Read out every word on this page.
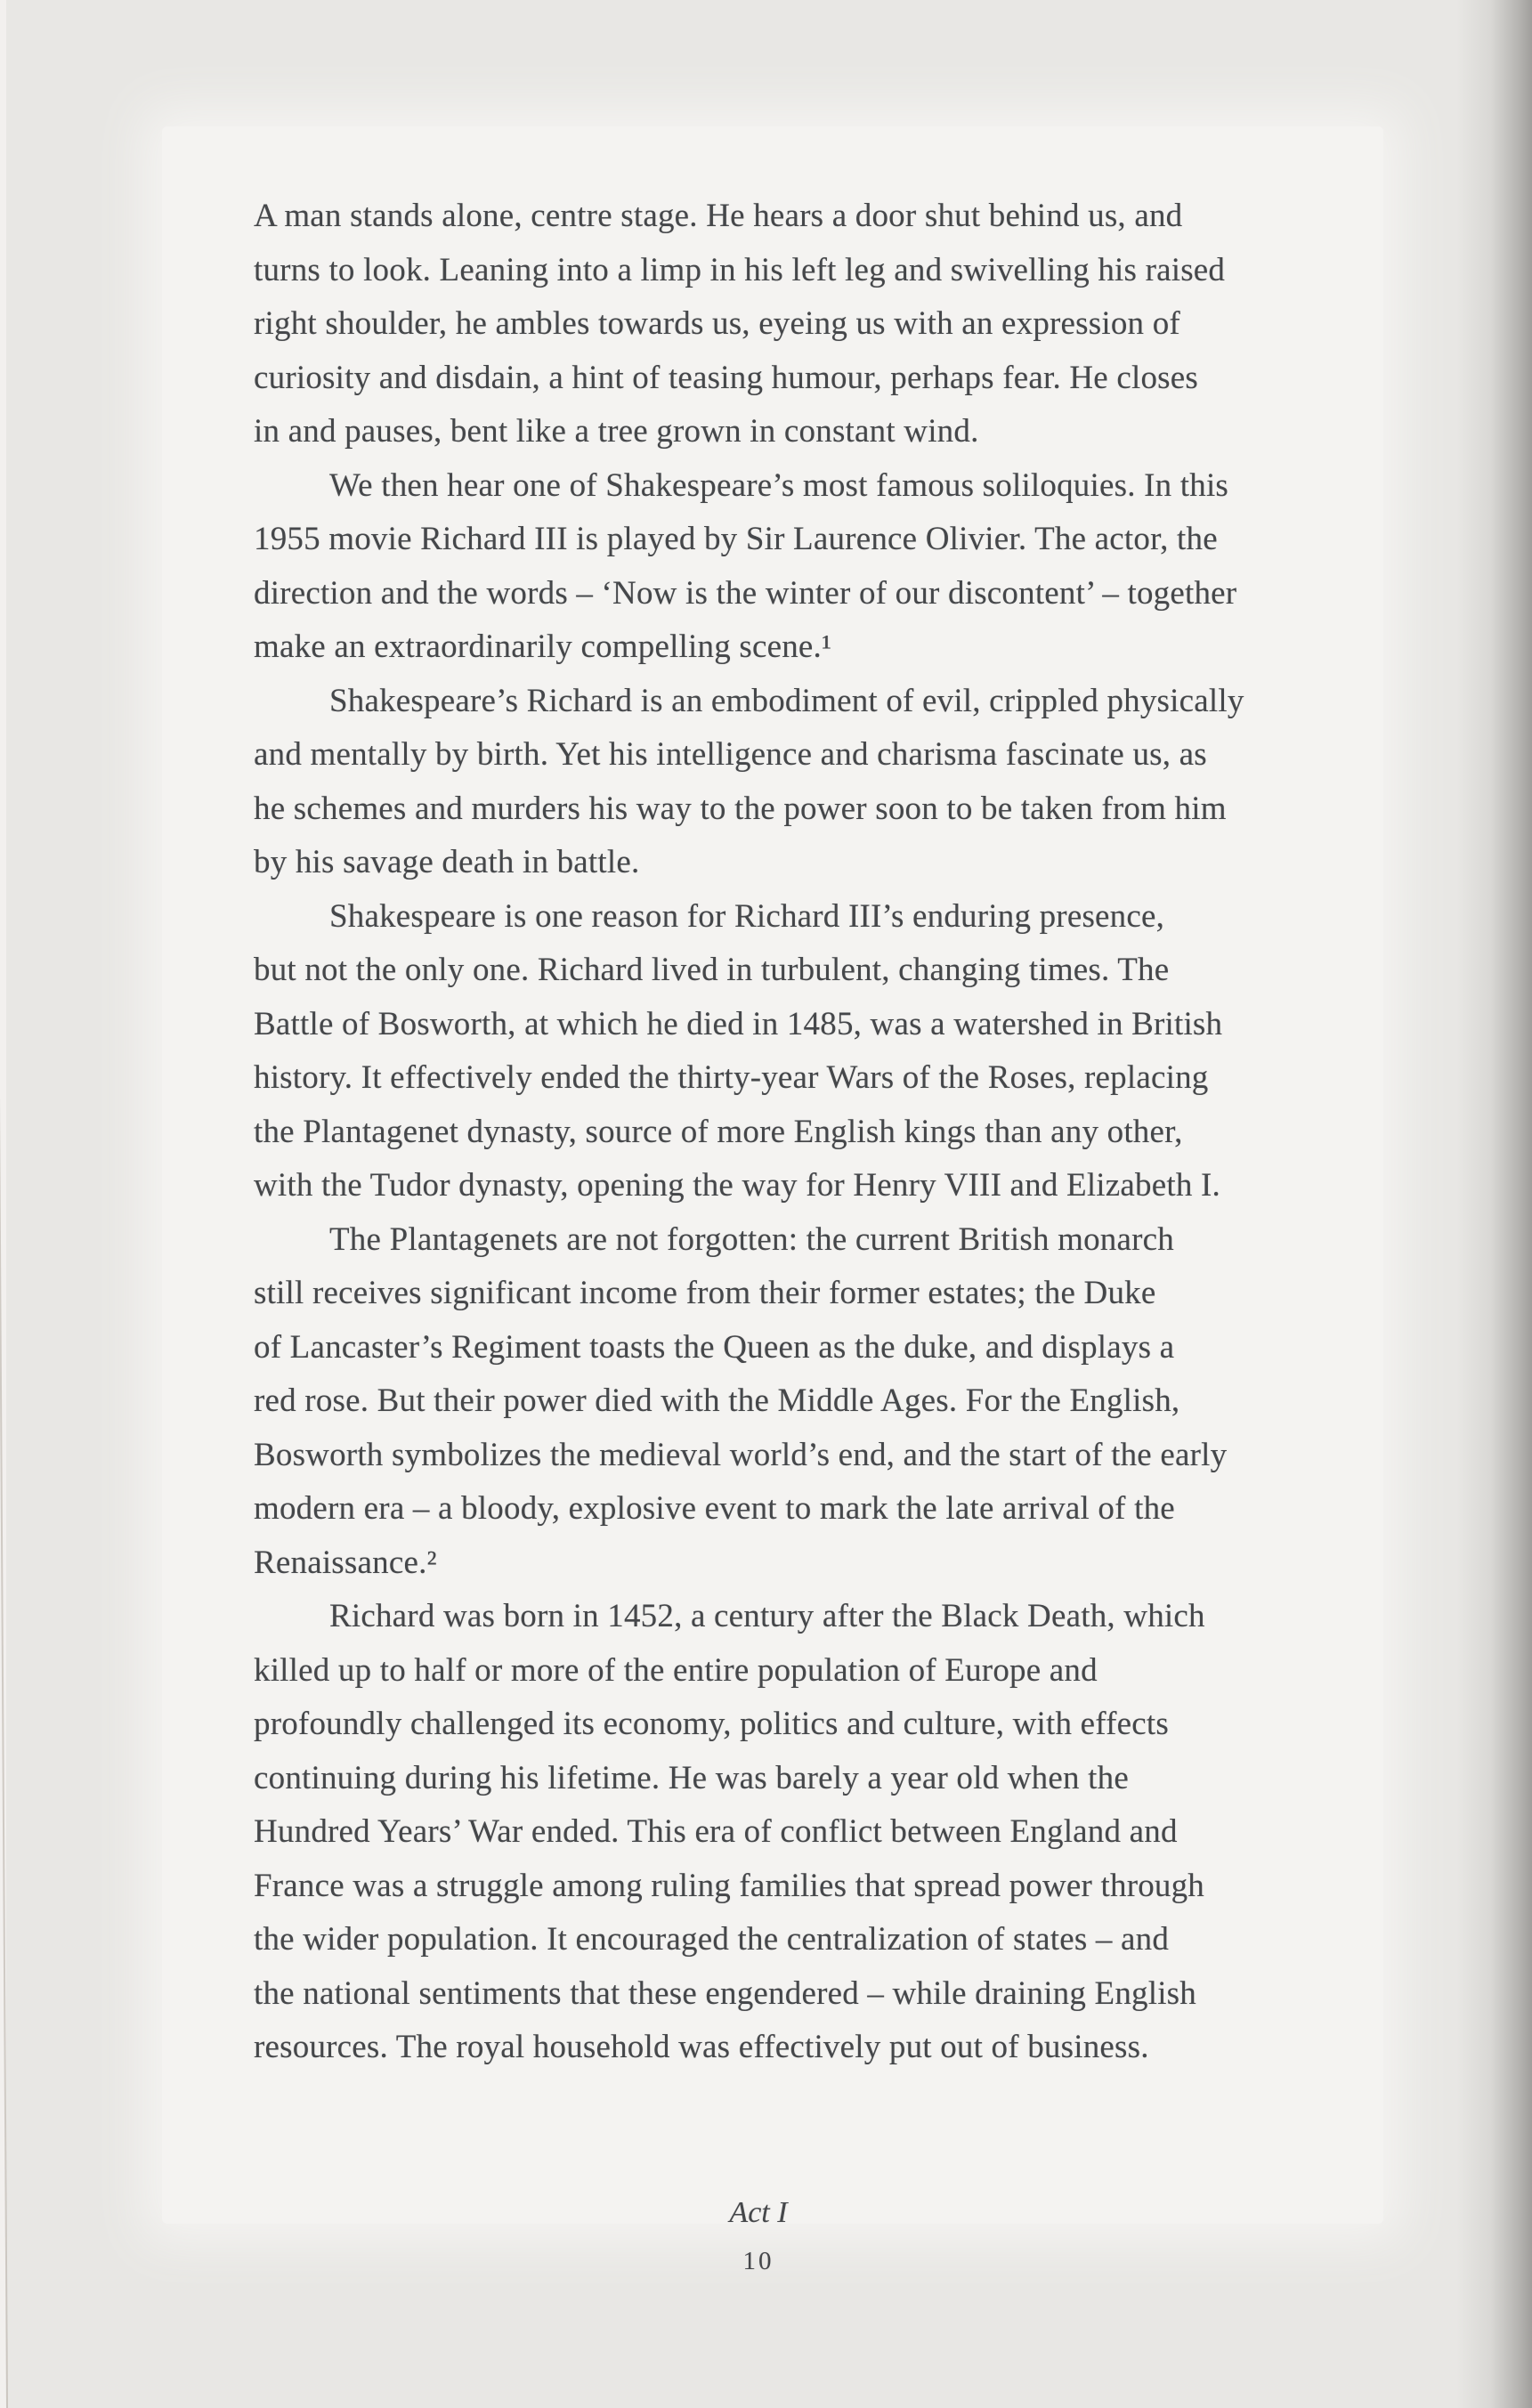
A man stands alone, centre stage. He hears a door shut behind us, and
turns to look. Leaning into a limp in his left leg and swivelling his raised
right shoulder, he ambles towards us, eyeing us with an expression of
curiosity and disdain, a hint of teasing humour, perhaps fear. He closes
in and pauses, bent like a tree grown in constant wind.
We then hear one of Shakespeare’s most famous soliloquies. In this
1955 movie Richard III is played by Sir Laurence Olivier. The actor, the
direction and the words – ‘Now is the winter of our discontent’ – together
make an extraordinarily compelling scene.¹
Shakespeare’s Richard is an embodiment of evil, crippled physically
and mentally by birth. Yet his intelligence and charisma fascinate us, as
he schemes and murders his way to the power soon to be taken from him
by his savage death in battle.
Shakespeare is one reason for Richard III’s enduring presence,
but not the only one. Richard lived in turbulent, changing times. The
Battle of Bosworth, at which he died in 1485, was a watershed in British
history. It effectively ended the thirty-year Wars of the Roses, replacing
the Plantagenet dynasty, source of more English kings than any other,
with the Tudor dynasty, opening the way for Henry VIII and Elizabeth I.
The Plantagenets are not forgotten: the current British monarch
still receives significant income from their former estates; the Duke
of Lancaster’s Regiment toasts the Queen as the duke, and displays a
red rose. But their power died with the Middle Ages. For the English,
Bosworth symbolizes the medieval world’s end, and the start of the early
modern era – a bloody, explosive event to mark the late arrival of the
Renaissance.²
Richard was born in 1452, a century after the Black Death, which
killed up to half or more of the entire population of Europe and
profoundly challenged its economy, politics and culture, with effects
continuing during his lifetime. He was barely a year old when the
Hundred Years’ War ended. This era of conflict between England and
France was a struggle among ruling families that spread power through
the wider population. It encouraged the centralization of states – and
the national sentiments that these engendered – while draining English
resources. The royal household was effectively put out of business.
Act I
10
